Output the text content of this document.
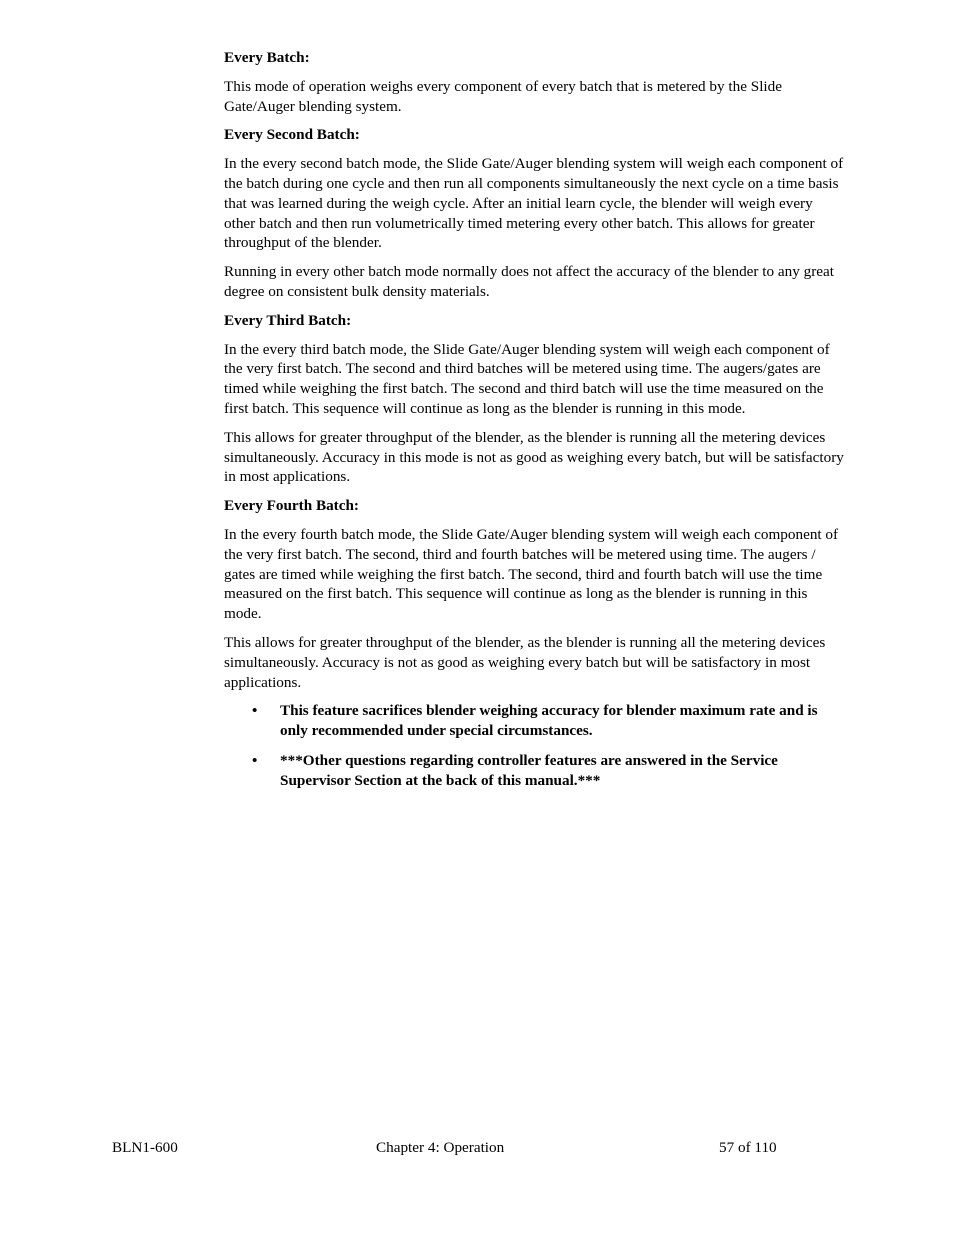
Every Batch:
This mode of operation weighs every component of every batch that is metered by the Slide Gate/Auger blending system.
Every Second Batch:
In the every second batch mode, the Slide Gate/Auger blending system will weigh each component of the batch during one cycle and then run all components simultaneously the next cycle on a time basis that was learned during the weigh cycle. After an initial learn cycle, the blender will weigh every other batch and then run volumetrically timed metering every other batch. This allows for greater throughput of the blender.
Running in every other batch mode normally does not affect the accuracy of the blender to any great degree on consistent bulk density materials.
Every Third Batch:
In the every third batch mode, the Slide Gate/Auger blending system will weigh each component of the very first batch. The second and third batches will be metered using time. The augers/gates are timed while weighing the first batch. The second and third batch will use the time measured on the first batch. This sequence will continue as long as the blender is running in this mode.
This allows for greater throughput of the blender, as the blender is running all the metering devices simultaneously. Accuracy in this mode is not as good as weighing every batch, but will be satisfactory in most applications.
Every Fourth Batch:
In the every fourth batch mode, the Slide Gate/Auger blending system will weigh each component of the very first batch. The second, third and fourth batches will be metered using time. The augers / gates are timed while weighing the first batch. The second, third and fourth batch will use the time measured on the first batch. This sequence will continue as long as the blender is running in this mode.
This allows for greater throughput of the blender, as the blender is running all the metering devices simultaneously. Accuracy is not as good as weighing every batch but will be satisfactory in most applications.
• This feature sacrifices blender weighing accuracy for blender maximum rate and is only recommended under special circumstances.
• ***Other questions regarding controller features are answered in the Service Supervisor Section at the back of this manual.***
BLN1-600	Chapter 4: Operation	57 of 110
